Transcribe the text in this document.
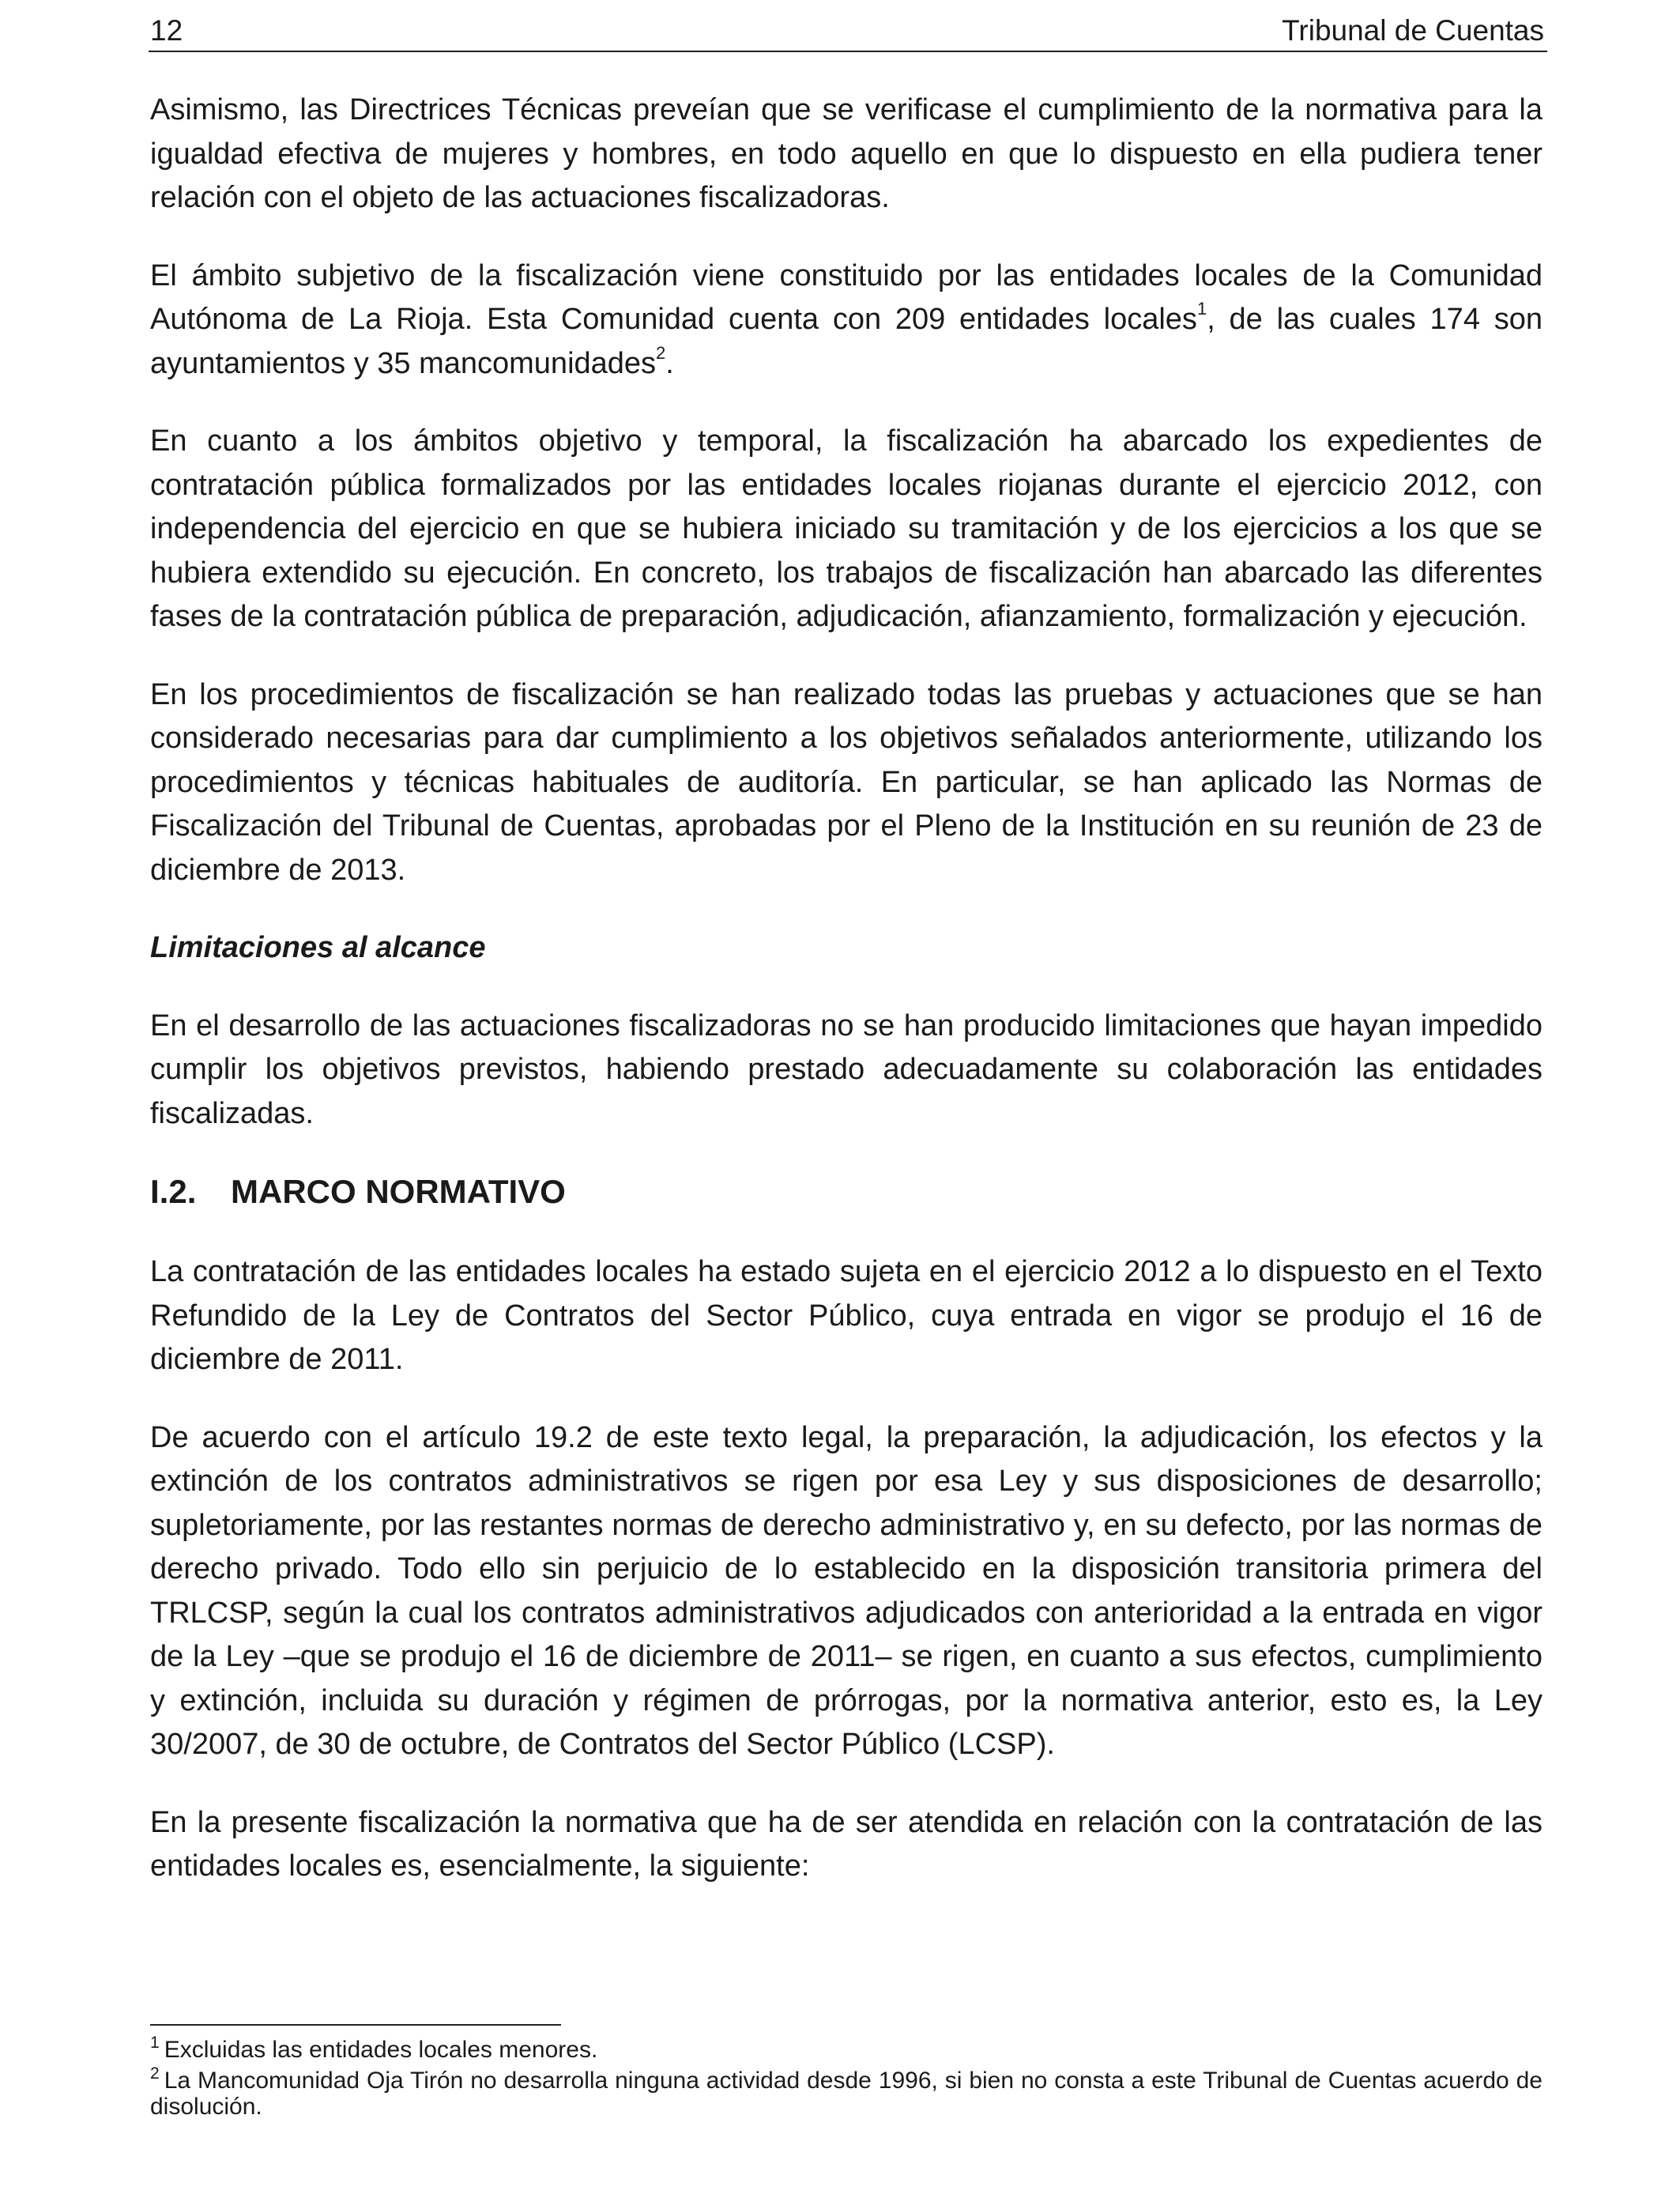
12	Tribunal de Cuentas

Asimismo, las Directrices Técnicas preveían que se verificase el cumplimiento de la normativa para la igualdad efectiva de mujeres y hombres, en todo aquello en que lo dispuesto en ella pudiera tener relación con el objeto de las actuaciones fiscalizadoras.

El ámbito subjetivo de la fiscalización viene constituido por las entidades locales de la Comunidad Autónoma de La Rioja. Esta Comunidad cuenta con 209 entidades locales$^1$, de las cuales 174 son ayuntamientos y 35 mancomunidades$^2$.

En cuanto a los ámbitos objetivo y temporal, la fiscalización ha abarcado los expedientes de contratación pública formalizados por las entidades locales riojanas durante el ejercicio 2012, con independencia del ejercicio en que se hubiera iniciado su tramitación y de los ejercicios a los que se hubiera extendido su ejecución. En concreto, los trabajos de fiscalización han abarcado las diferentes fases de la contratación pública de preparación, adjudicación, afianzamiento, formalización y ejecución.

En los procedimientos de fiscalización se han realizado todas las pruebas y actuaciones que se han considerado necesarias para dar cumplimiento a los objetivos señalados anteriormente, utilizando los procedimientos y técnicas habituales de auditoría. En particular, se han aplicado las Normas de Fiscalización del Tribunal de Cuentas, aprobadas por el Pleno de la Institución en su reunión de 23 de diciembre de 2013.

Limitaciones al alcance

En el desarrollo de las actuaciones fiscalizadoras no se han producido limitaciones que hayan impedido cumplir los objetivos previstos, habiendo prestado adecuadamente su colaboración las entidades fiscalizadas.

I.2. MARCO NORMATIVO

La contratación de las entidades locales ha estado sujeta en el ejercicio 2012 a lo dispuesto en el Texto Refundido de la Ley de Contratos del Sector Público, cuya entrada en vigor se produjo el 16 de diciembre de 2011.

De acuerdo con el artículo 19.2 de este texto legal, la preparación, la adjudicación, los efectos y la extinción de los contratos administrativos se rigen por esa Ley y sus disposiciones de desarrollo; supletoriamente, por las restantes normas de derecho administrativo y, en su defecto, por las normas de derecho privado. Todo ello sin perjuicio de lo establecido en la disposición transitoria primera del TRLCSP, según la cual los contratos administrativos adjudicados con anterioridad a la entrada en vigor de la Ley –que se produjo el 16 de diciembre de 2011– se rigen, en cuanto a sus efectos, cumplimiento y extinción, incluida su duración y régimen de prórrogas, por la normativa anterior, esto es, la Ley 30/2007, de 30 de octubre, de Contratos del Sector Público (LCSP).

En la presente fiscalización la normativa que ha de ser atendida en relación con la contratación de las entidades locales es, esencialmente, la siguiente:

$^1$ Excluidas las entidades locales menores.
$^2$ La Mancomunidad Oja Tirón no desarrolla ninguna actividad desde 1996, si bien no consta a este Tribunal de Cuentas acuerdo de disolución.
